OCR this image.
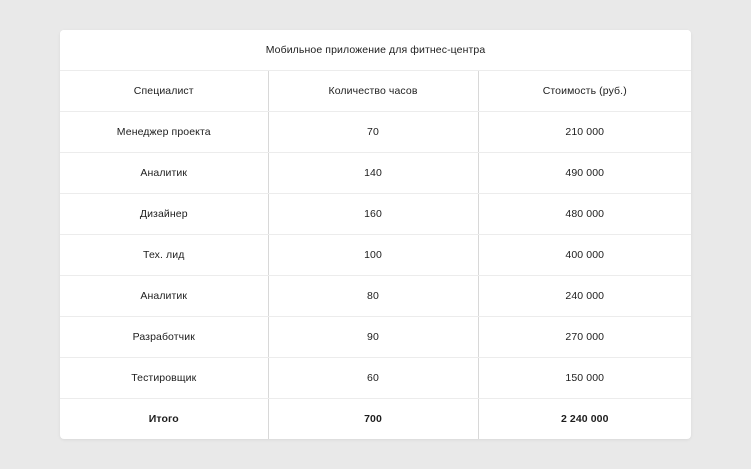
Мобильное приложение для фитнес-центра
Специалист	Количество часов	Стоимость (руб.)
Менеджер проекта	70	210 000
Аналитик	140	490 000
Дизайнер	160	480 000
Тех. лид	100	400 000
Аналитик	80	240 000
Разработчик	90	270 000
Тестировщик	60	150 000
Итого	700	2 240 000
